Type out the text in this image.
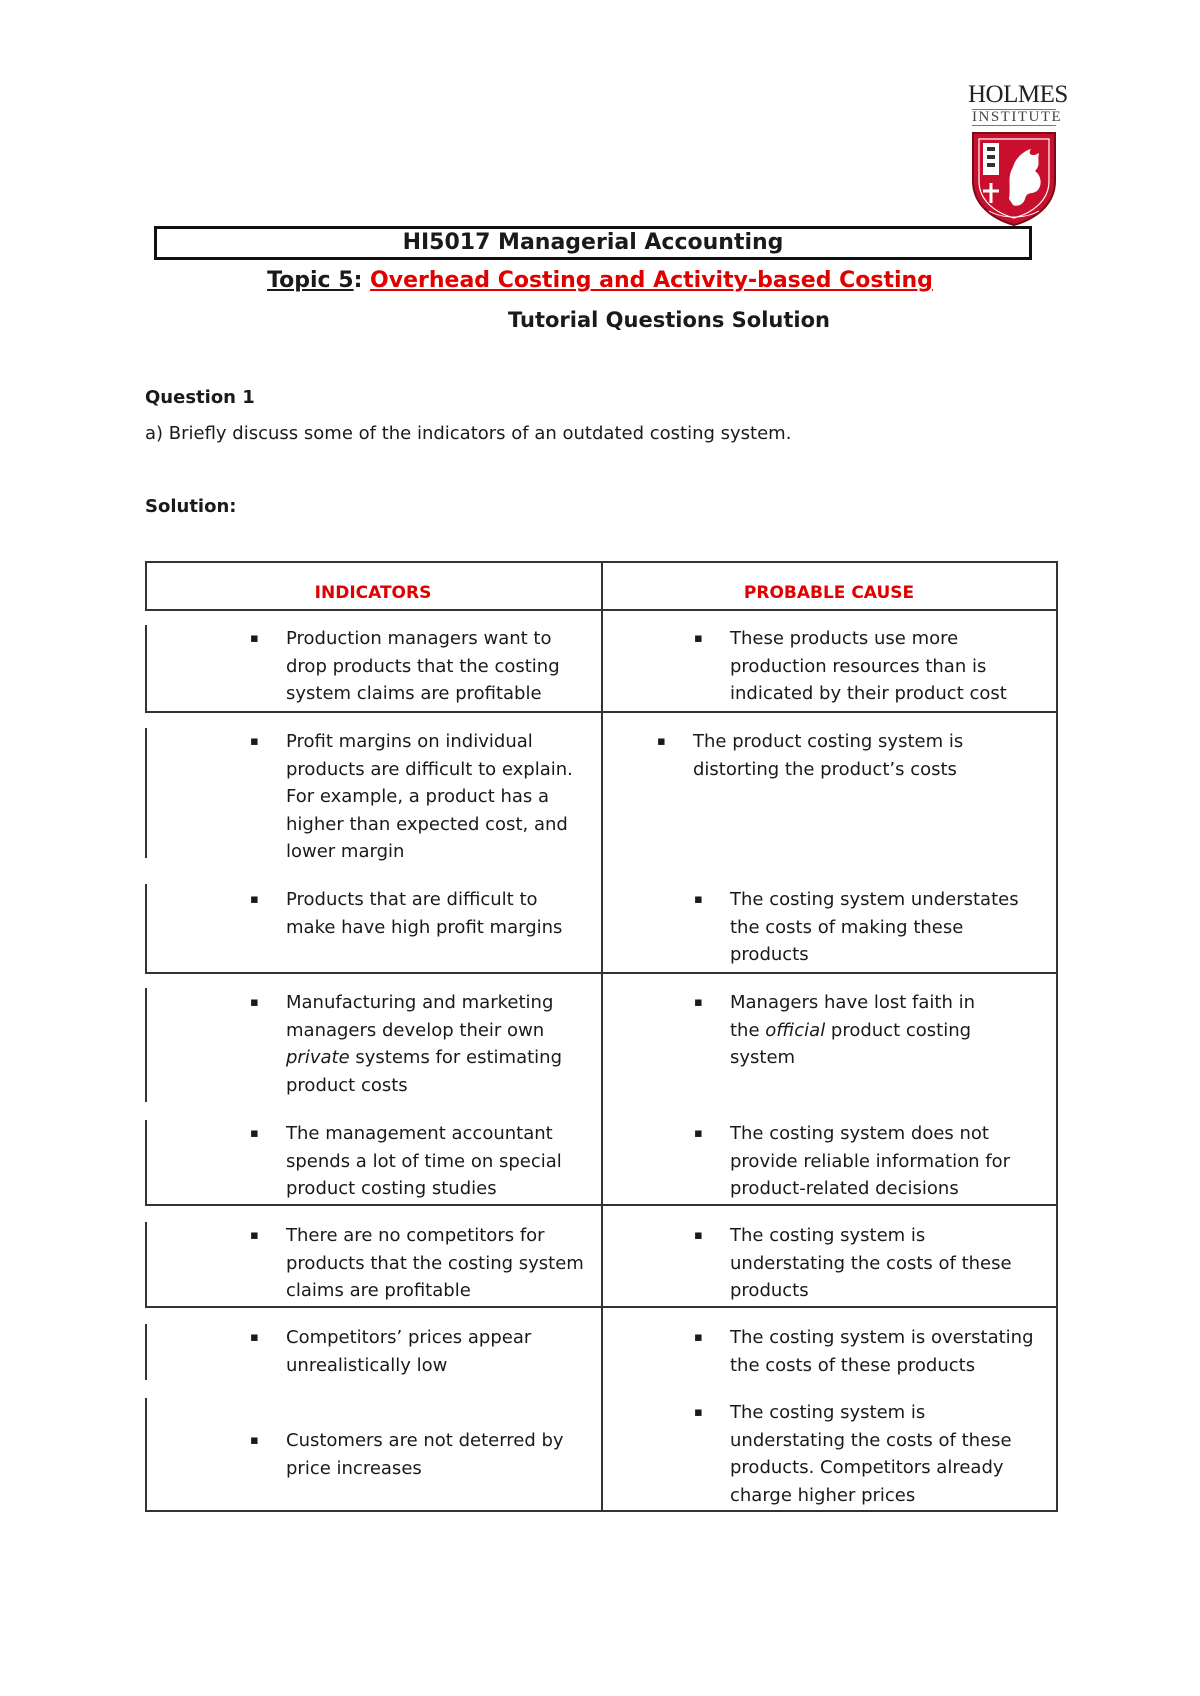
HOLMES
INSTITUTE
HI5017 Managerial Accounting
Topic 5: Overhead Costing and Activity-based Costing
Tutorial Questions Solution
Question 1
a) Briefly discuss some of the indicators of an outdated costing system.
Solution:
INDICATORS	PROBABLE CAUSE
▪ Production managers want to drop products that the costing system claims are profitable
▪ These products use more production resources than is indicated by their product cost
▪ Profit margins on individual products are difficult to explain. For example, a product has a higher than expected cost, and lower margin
▪ The product costing system is distorting the product’s costs
▪ Products that are difficult to make have high profit margins
▪ The costing system understates the costs of making these products
▪ Manufacturing and marketing managers develop their own private systems for estimating product costs
▪ Managers have lost faith in the official product costing system
▪ The management accountant spends a lot of time on special product costing studies
▪ The costing system does not provide reliable information for product-related decisions
▪ There are no competitors for products that the costing system claims are profitable
▪ The costing system is understating the costs of these products
▪ Competitors’ prices appear unrealistically low
▪ The costing system is overstating the costs of these products
▪ Customers are not deterred by price increases
▪ The costing system is understating the costs of these products. Competitors already charge higher prices
